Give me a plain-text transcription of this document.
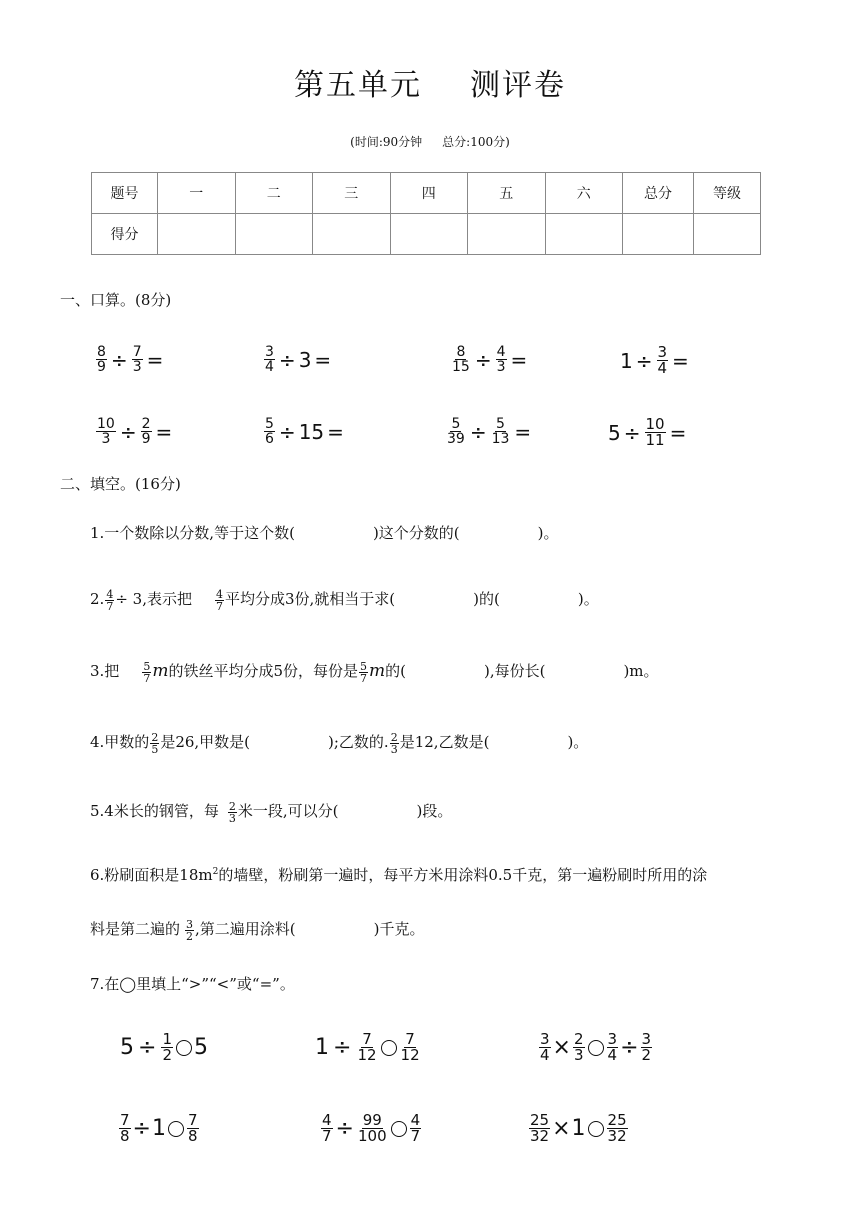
第五单元 测评卷
(时间:90分钟 总分:100分)
题号	一	二	三	四	五	六	总分	等级
得分								
一、口算。(8分)
$\frac{8}{9} \div \frac{7}{3}$ =	$\frac{3}{4} \div 3$ =	$\frac{8}{15} \div \frac{4}{3}$ =	$1 \div \frac{3}{4}$ =
$\frac{10}{3} \div \frac{2}{9}$ =	$\frac{5}{6} \div 15$ =	$\frac{5}{39} \div \frac{5}{13}$ =	$5 \div \frac{10}{11}$ =
二、填空。(16分)
1.一个数除以分数,等于这个数(	)这个分数的(	)。
2. $\frac{4}{7} \div 3$,表示把 $\frac{4}{7}$ 平均分成3份,就相当于求(	)的(	)。
3.把 $\frac{5}{7}$ m的铁丝平均分成5份，每份是 $\frac{5}{7}$ m的(	),每份长(	)m。
4.甲数的 $\frac{2}{5}$ 是26,甲数是(	);乙数的. $\frac{2}{3}$ 是12,乙数是(	)。
5.4米长的钢管，每 $\frac{2}{3}$ 米一段,可以分(	)段。
6.粉刷面积是$18m^2$的墙壁，粉刷第一遍时，每平方米用涂料0.5千克，第一遍粉刷时所用的涂
料是第二遍的 $\frac{3}{2}$ ,第二遍用涂料(	)千克。
7.在◯里填上“>”“<”或“=”。
$5 \div \frac{1}{2} 5$	$1 \div \frac{7}{12} \frac{7}{12}$	$\frac{3}{4} \times \frac{2}{3} \frac{3}{4} \div \frac{3}{2}$
$\frac{7}{8} \div 1 \frac{7}{8}$	$\frac{4}{7} \div \frac{99}{100} \frac{4}{7}$	$\frac{25}{32} \times 1 \frac{25}{32}$
